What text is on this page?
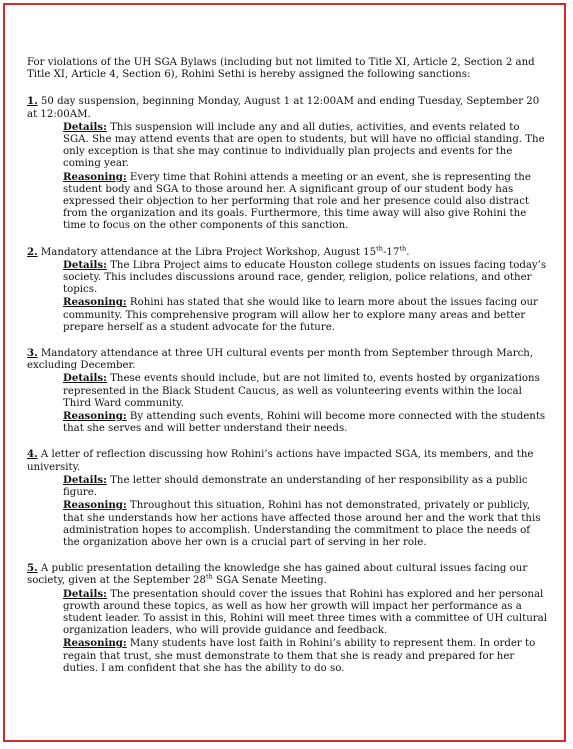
For violations of the UH SGA Bylaws (including but not limited to Title XI, Article 2, Section 2 and Title XI, Article 4, Section 6), Rohini Sethi is hereby assigned the following sanctions:

1. 50 day suspension, beginning Monday, August 1 at 12:00AM and ending Tuesday, September 20 at 12:00AM.

Details: This suspension will include any and all duties, activities, and events related to SGA. She may attend events that are open to students, but will have no official standing. The only exception is that she may continue to individually plan projects and events for the coming year.

Reasoning: Every time that Rohini attends a meeting or an event, she is representing the student body and SGA to those around her. A significant group of our student body has expressed their objection to her performing that role and her presence could also distract from the organization and its goals. Furthermore, this time away will also give Rohini the time to focus on the other components of this sanction.

2. Mandatory attendance at the Libra Project Workshop, August 15th-17th.

Details: The Libra Project aims to educate Houston college students on issues facing today’s society. This includes discussions around race, gender, religion, police relations, and other topics.

Reasoning: Rohini has stated that she would like to learn more about the issues facing our community. This comprehensive program will allow her to explore many areas and better prepare herself as a student advocate for the future.

3. Mandatory attendance at three UH cultural events per month from September through March, excluding December.

Details: These events should include, but are not limited to, events hosted by organizations represented in the Black Student Caucus, as well as volunteering events within the local Third Ward community.

Reasoning: By attending such events, Rohini will become more connected with the students that she serves and will better understand their needs.

4. A letter of reflection discussing how Rohini’s actions have impacted SGA, its members, and the university.

Details: The letter should demonstrate an understanding of her responsibility as a public figure.

Reasoning: Throughout this situation, Rohini has not demonstrated, privately or publicly, that she understands how her actions have affected those around her and the work that this administration hopes to accomplish. Understanding the commitment to place the needs of the organization above her own is a crucial part of serving in her role.

5. A public presentation detailing the knowledge she has gained about cultural issues facing our society, given at the September 28th SGA Senate Meeting.

Details: The presentation should cover the issues that Rohini has explored and her personal growth around these topics, as well as how her growth will impact her performance as a student leader. To assist in this, Rohini will meet three times with a committee of UH cultural organization leaders, who will provide guidance and feedback.

Reasoning: Many students have lost faith in Rohini’s ability to represent them. In order to regain that trust, she must demonstrate to them that she is ready and prepared for her duties. I am confident that she has the ability to do so.
